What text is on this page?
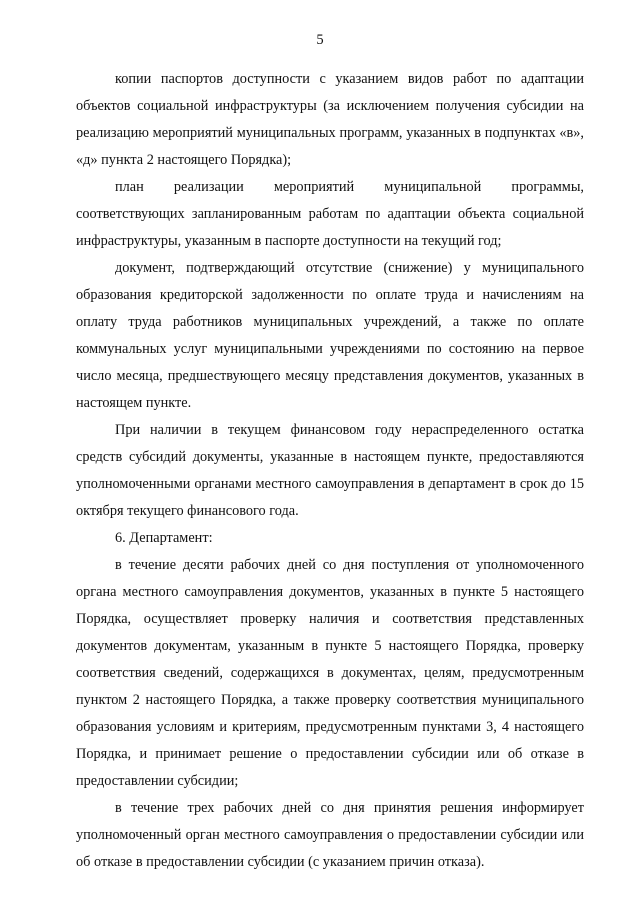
5

копии паспортов доступности с указанием видов работ по адаптации объектов социальной инфраструктуры (за исключением получения субсидии на реализацию мероприятий муниципальных программ, указанных в подпунктах «в», «д» пункта 2 настоящего Порядка);

план реализации мероприятий муниципальной программы, соответствующих запланированным работам по адаптации объекта социальной инфраструктуры, указанным в паспорте доступности на текущий год;

документ, подтверждающий отсутствие (снижение) у муниципального образования кредиторской задолженности по оплате труда и начислениям на оплату труда работников муниципальных учреждений, а также по оплате коммунальных услуг муниципальными учреждениями по состоянию на первое число месяца, предшествующего месяцу представления документов, указанных в настоящем пункте.

При наличии в текущем финансовом году нераспределенного остатка средств субсидий документы, указанные в настоящем пункте, предоставляются уполномоченными органами местного самоуправления в департамент в срок до 15 октября текущего финансового года.

6. Департамент:

в течение десяти рабочих дней со дня поступления от уполномоченного органа местного самоуправления документов, указанных в пункте 5 настоящего Порядка, осуществляет проверку наличия и соответствия представленных документов документам, указанным в пункте 5 настоящего Порядка, проверку соответствия сведений, содержащихся в документах, целям, предусмотренным пунктом 2 настоящего Порядка, а также проверку соответствия муниципального образования условиям и критериям, предусмотренным пунктами 3, 4 настоящего Порядка, и принимает решение о предоставлении субсидии или об отказе в предоставлении субсидии;

в течение трех рабочих дней со дня принятия решения информирует уполномоченный орган местного самоуправления о предоставлении субсидии или об отказе в предоставлении субсидии (с указанием причин отказа).
